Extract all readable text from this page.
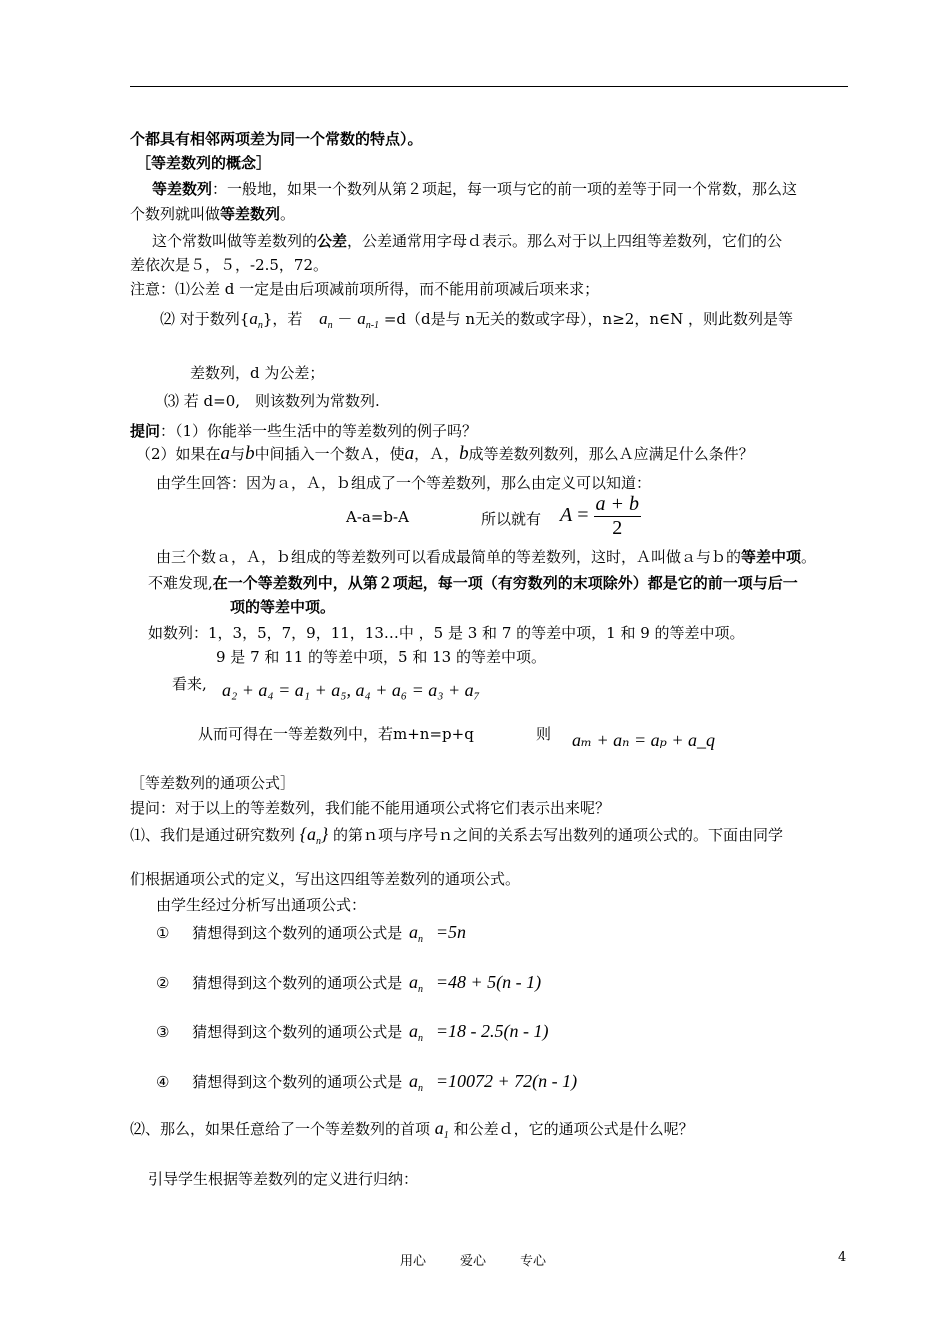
个都具有相邻两项差为同一个常数的特点）。
［等差数列的概念］
等差数列：一般地，如果一个数列从第２项起，每一项与它的前一项的差等于同一个常数，那么这
个数列就叫做等差数列。
这个常数叫做等差数列的公差，公差通常用字母ｄ表示。那么对于以上四组等差数列，它们的公
差依次是５，５，-2.5，72。
注意：⑴公差 d 一定是由后项减前项所得，而不能用前项减后项来求；
⑵ 对于数列$\{a_n\}$，若 $a_n - a_{n-1} =d(d$是与 n无关的数或字母），n≥2，n∈N ，则此数列是等
差数列，d 为公差；
⑶ 若 d=0,　则该数列为常数列.
提问：（1）你能举一些生活中的等差数列的例子吗？
（2）如果在a与b中间插入一个数Ａ，使a，Ａ，b成等差数列数列，那么Ａ应满足什么条件？
由学生回答：因为ａ，Ａ，ｂ组成了一个等差数列，那么由定义可以知道：
A-a=b-A	所以就有 $A = \frac{a + b}{2}$
由三个数ａ，Ａ，ｂ组成的等差数列可以看成最简单的等差数列，这时，Ａ叫做ａ与ｂ的等差中项。
不难发现,在一个等差数列中，从第２项起，每一项（有穷数列的末项除外）都是它的前一项与后一
项的等差中项。
如数列：1，3，5，7，9，11，13…中 ，5 是 3 和 7 的等差中项，1 和 9 的等差中项。
9 是 7 和 11 的等差中项，5 和 13 的等差中项。
看来, a₂ + a₄ = a₁ + a₅, a₄ + a₆ = a₃ + a₇
从而可得在一等差数列中，若m+n=p+q	则 aₘ + aₙ = aₚ + a_q
［等差数列的通项公式］
提问：对于以上的等差数列，我们能不能用通项公式将它们表示出来呢？
⑴、我们是通过研究数列 $\{a_n\}$ 的第ｎ项与序号ｎ之间的关系去写出数列的通项公式的。下面由同学
们根据通项公式的定义，写出这四组等差数列的通项公式。
由学生经过分析写出通项公式：
① 猜想得到这个数列的通项公式是 $a_n =5n$
② 猜想得到这个数列的通项公式是 $a_n =48 + 5(n - 1)$
③ 猜想得到这个数列的通项公式是 $a_n =18 - 2.5(n - 1)$
④ 猜想得到这个数列的通项公式是 $a_n =10072 + 72(n - 1)$
⑵、那么，如果任意给了一个等差数列的首项 $a_1$ 和公差ｄ，它的通项公式是什么呢？
引导学生根据等差数列的定义进行归纳：
用心	爱心	专心	4
